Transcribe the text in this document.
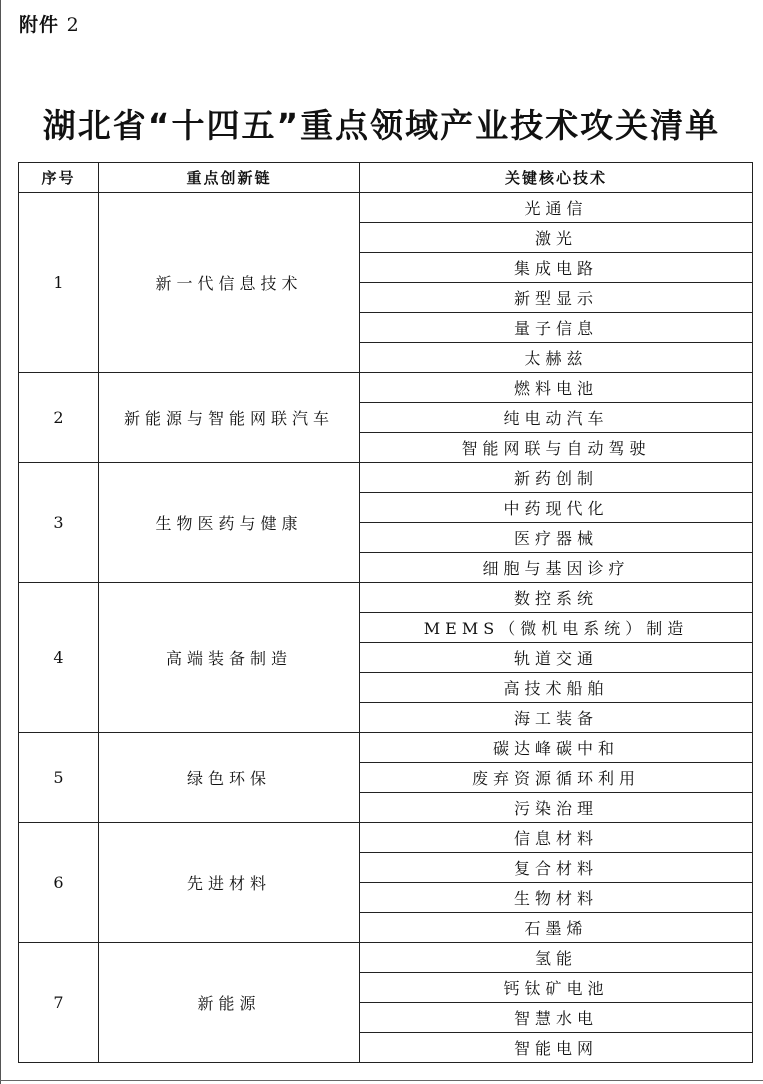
附件 2
湖北省“十四五”重点领域产业技术攻关清单
序号	重点创新链	关键核心技术
1	新一代信息技术	光通信
		激光
		集成电路
		新型显示
		量子信息
		太赫兹
2	新能源与智能网联汽车	燃料电池
		纯电动汽车
		智能网联与自动驾驶
3	生物医药与健康	新药创制
		中药现代化
		医疗器械
		细胞与基因诊疗
4	高端装备制造	数控系统
		MEMS（微机电系统）制造
		轨道交通
		高技术船舶
		海工装备
5	绿色环保	碳达峰碳中和
		废弃资源循环利用
		污染治理
6	先进材料	信息材料
		复合材料
		生物材料
		石墨烯
7	新能源	氢能
		钙钛矿电池
		智慧水电
		智能电网
